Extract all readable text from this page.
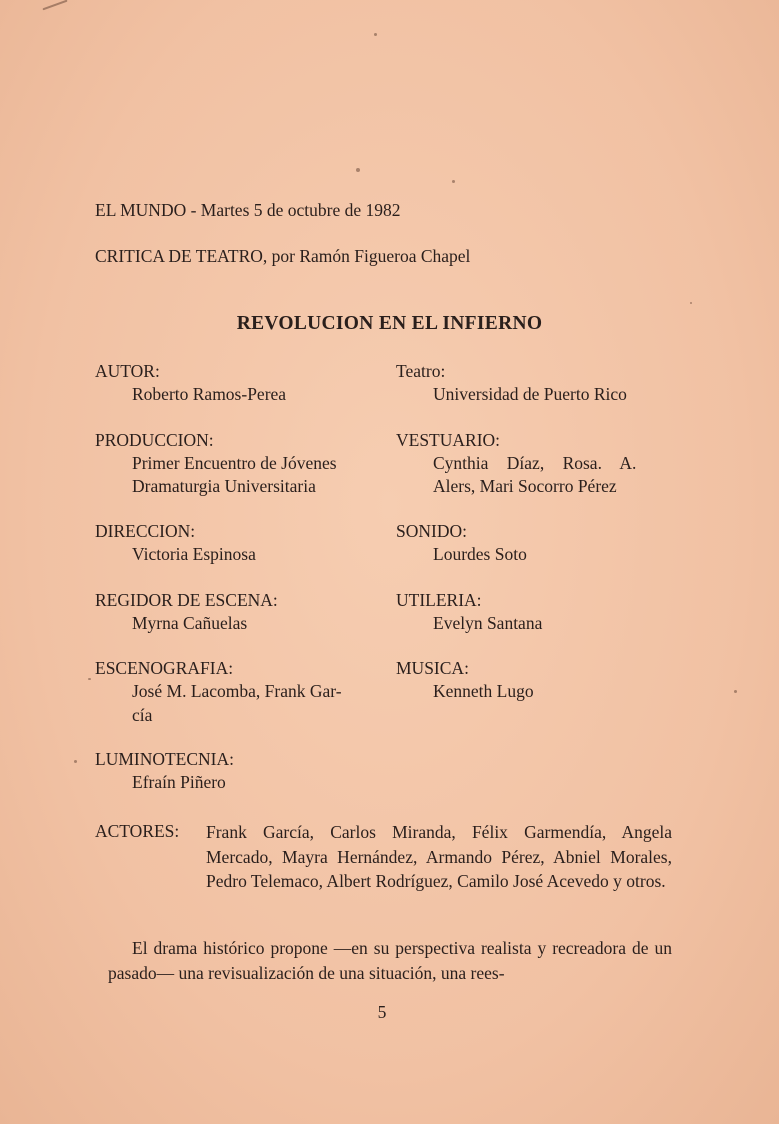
EL MUNDO - Martes 5 de octubre de 1982
CRITICA DE TEATRO, por Ramón Figueroa Chapel
REVOLUCION EN EL INFIERNO
AUTOR:
Roberto Ramos-Perea
PRODUCCION:
Primer Encuentro de Jóvenes
Dramaturgia Universitaria
DIRECCION:
Victoria Espinosa
REGIDOR DE ESCENA:
Myrna Cañuelas
ESCENOGRAFIA:
José M. Lacomba, Frank Gar-
cía
LUMINOTECNIA:
Efraín Piñero
Teatro:
Universidad de Puerto Rico
VESTUARIO:
Cynthia Díaz, Rosa. A.
Alers, Mari Socorro Pérez
SONIDO:
Lourdes Soto
UTILERIA:
Evelyn Santana
MUSICA:
Kenneth Lugo
ACTORES: Frank García, Carlos Miranda, Félix Garmendía, Angela Mercado, Mayra Hernández, Armando Pérez, Abniel Morales, Pedro Telemaco, Albert Rodríguez, Camilo José Acevedo y otros.
El drama histórico propone —en su perspectiva realista y recreadora de un pasado— una revisualización de una situación, una rees-
5
